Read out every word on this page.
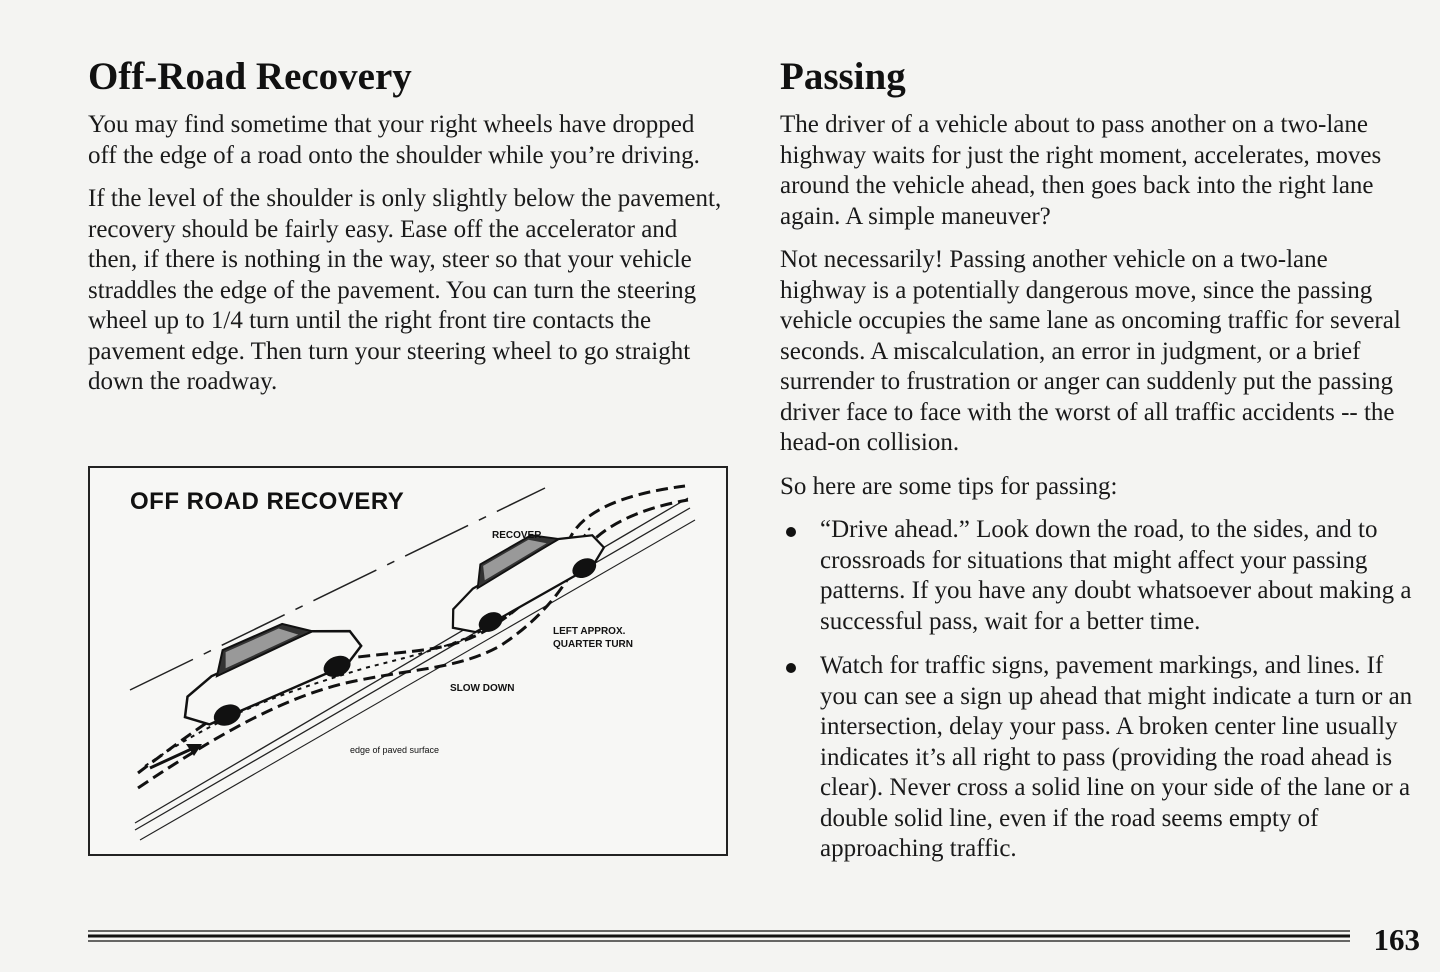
Off-Road Recovery

You may find sometime that your right wheels have dropped off the edge of a road onto the shoulder while you’re driving.

If the level of the shoulder is only slightly below the pavement, recovery should be fairly easy. Ease off the accelerator and then, if there is nothing in the way, steer so that your vehicle straddles the edge of the pavement. You can turn the steering wheel up to 1/4 turn until the right front tire contacts the pavement edge. Then turn your steering wheel to go straight down the roadway.

OFF ROAD RECOVERY
RECOVER
LEFT APPROX.
QUARTER TURN
SLOW DOWN
edge of paved surface
Passing

The driver of a vehicle about to pass another on a two-lane highway waits for just the right moment, accelerates, moves around the vehicle ahead, then goes back into the right lane again. A simple maneuver?

Not necessarily! Passing another vehicle on a two-lane highway is a potentially dangerous move, since the passing vehicle occupies the same lane as oncoming traffic for several seconds. A miscalculation, an error in judgment, or a brief surrender to frustration or anger can suddenly put the passing driver face to face with the worst of all traffic accidents -- the head-on collision.

So here are some tips for passing:

“Drive ahead.” Look down the road, to the sides, and to crossroads for situations that might affect your passing patterns. If you have any doubt whatsoever about making a successful pass, wait for a better time.
Watch for traffic signs, pavement markings, and lines. If you can see a sign up ahead that might indicate a turn or an intersection, delay your pass. A broken center line usually indicates it’s all right to pass (providing the road ahead is clear). Never cross a solid line on your side of the lane or a double solid line, even if the road seems empty of approaching traffic.
163
